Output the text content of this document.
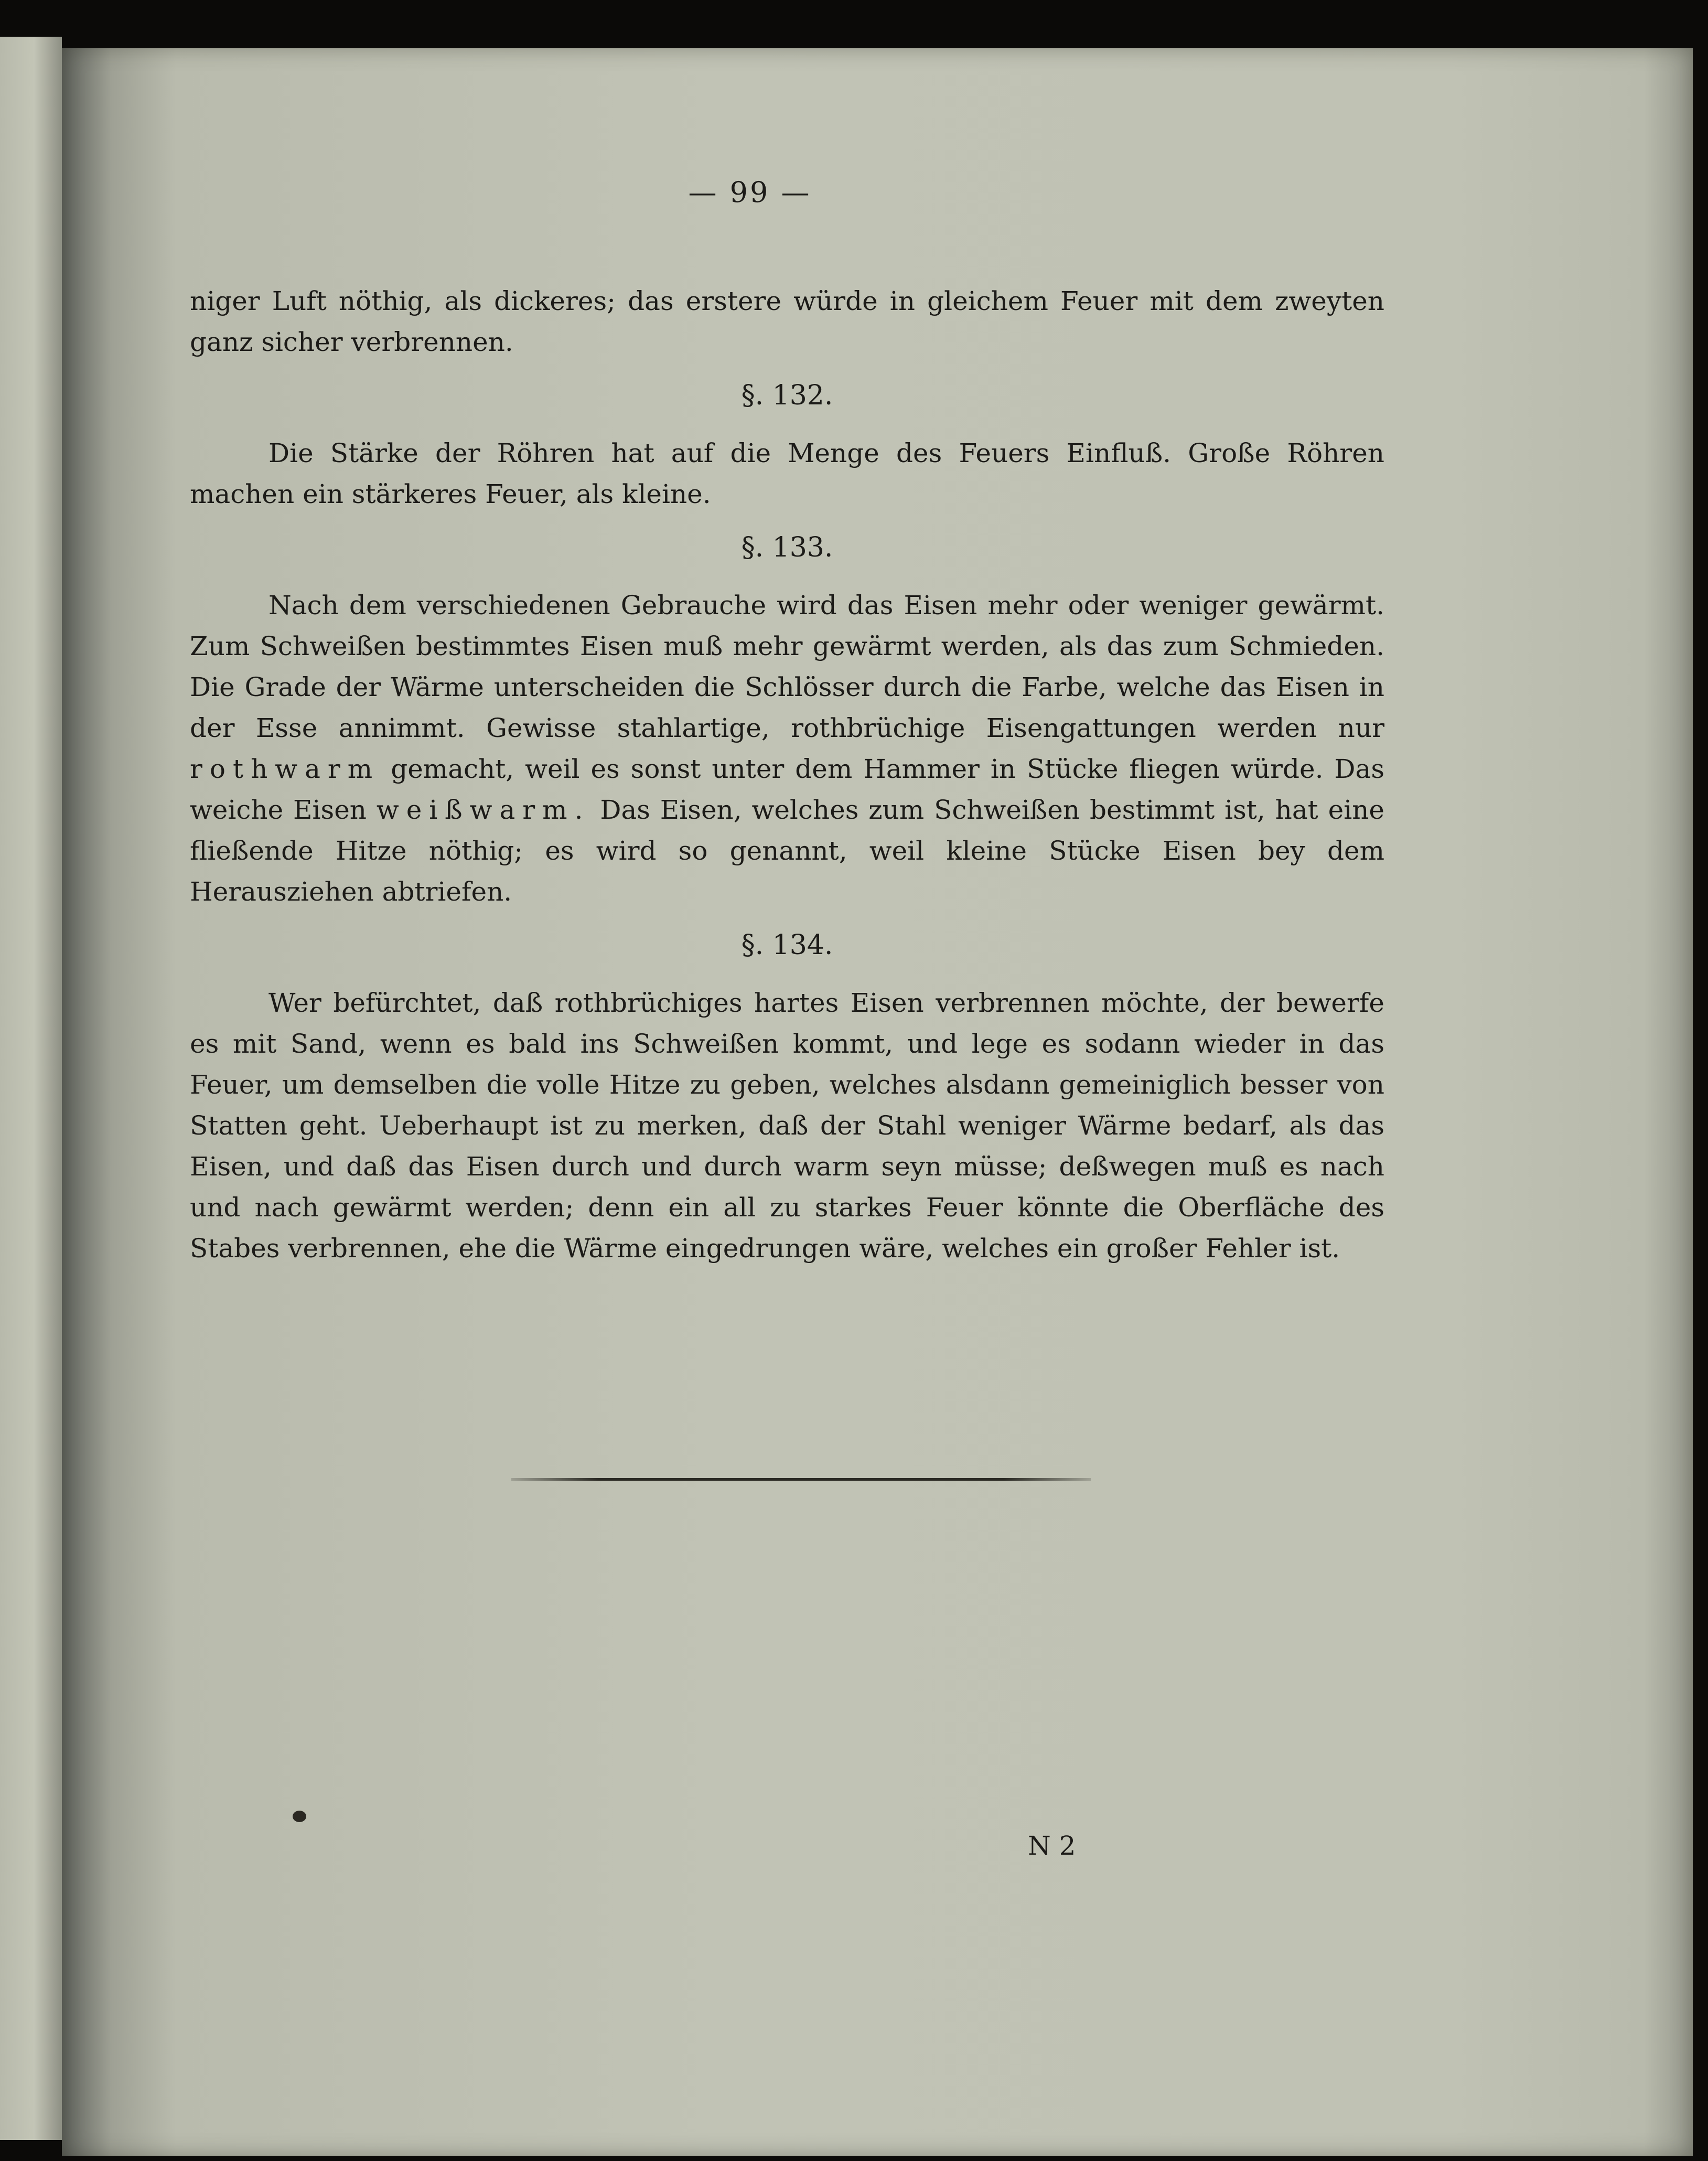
— 99 —

niger Luft nöthig, als dickeres; das erstere würde in gleichem Feuer mit dem zweyten ganz sicher verbrennen.

§. 132.

Die Stärke der Röhren hat auf die Menge des Feuers Einfluß. Große Röhren machen ein stärkeres Feuer, als kleine.

§. 133.

Nach dem verschiedenen Gebrauche wird das Eisen mehr oder weniger gewärmt. Zum Schweißen bestimmtes Eisen muß mehr gewärmt werden, als das zum Schmieden. Die Grade der Wärme unterscheiden die Schlösser durch die Farbe, welche das Eisen in der Esse annimmt. Gewisse stahlartige, rothbrüchige Eisengattungen werden nur rothwarm gemacht, weil es sonst unter dem Hammer in Stücke fliegen würde. Das weiche Eisen weißwarm. Das Eisen, welches zum Schweißen bestimmt ist, hat eine fließende Hitze nöthig; es wird so genannt, weil kleine Stücke Eisen bey dem Herausziehen abtriefen.

§. 134.

Wer befürchtet, daß rothbrüchiges hartes Eisen verbrennen möchte, der bewerfe es mit Sand, wenn es bald ins Schweißen kommt, und lege es sodann wieder in das Feuer, um demselben die volle Hitze zu geben, welches alsdann gemeiniglich besser von Statten geht. Ueberhaupt ist zu merken, daß der Stahl weniger Wärme bedarf, als das Eisen, und daß das Eisen durch und durch warm seyn müsse; deßwegen muß es nach und nach gewärmt werden; denn ein all zu starkes Feuer könnte die Oberfläche des Stabes verbrennen, ehe die Wärme eingedrungen wäre, welches ein großer Fehler ist.

N 2
